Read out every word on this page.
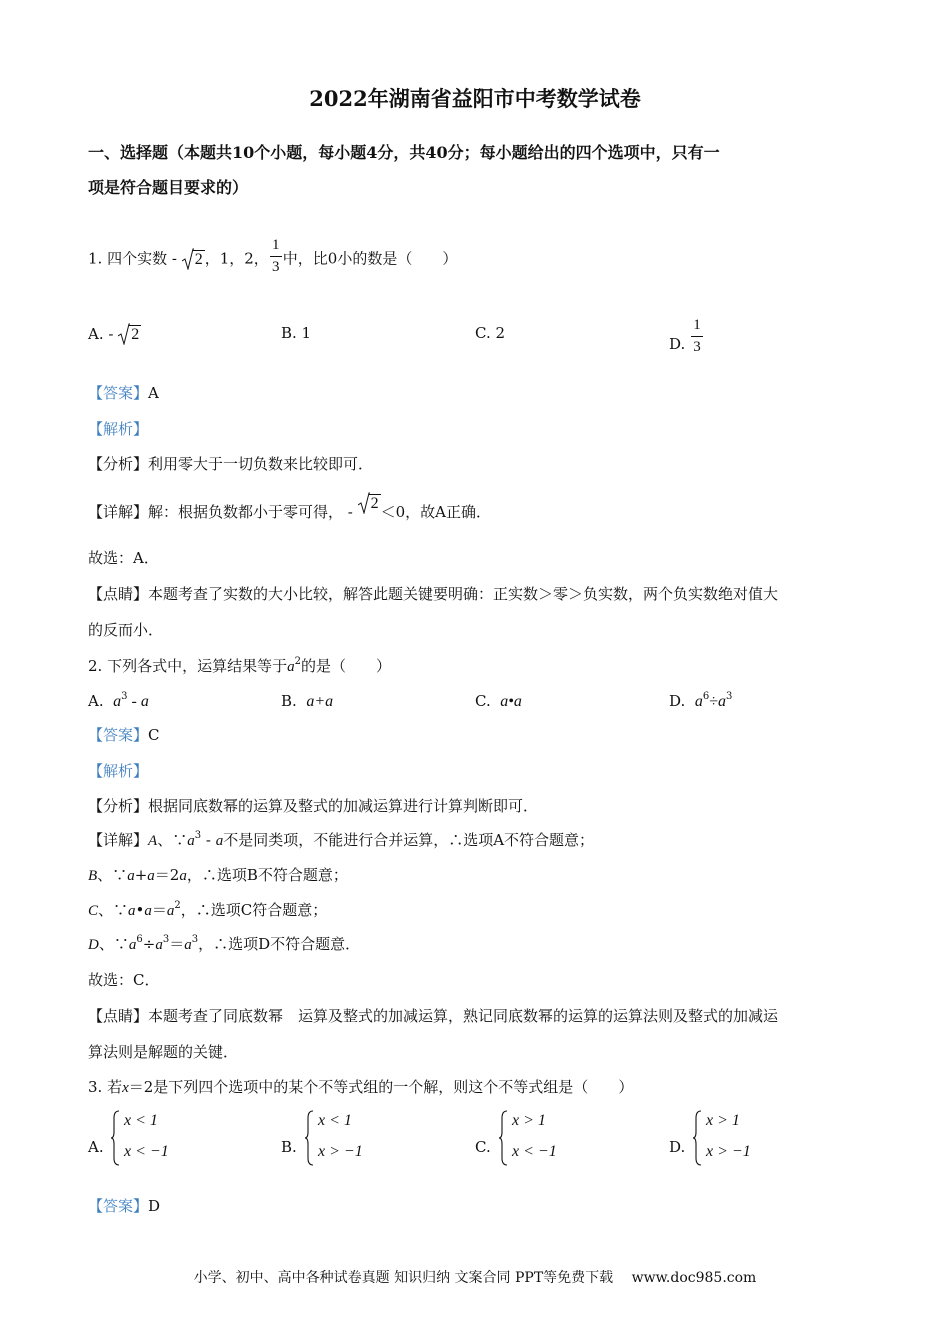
2022年湖南省益阳市中考数学试卷
一、选择题（本题共10个小题，每小题4分，共40分；每小题给出的四个选项中，只有一
项是符合题目要求的）
1. 四个实数 -
2 ，1，2， $\frac{1}{3}$ 中，比0小的数是（　　）
A. -
2	B. 1	C. 2
D. $\frac{1}{3}$
【答案】A
【解析】
【分析】利用零大于一切负数来比较即可．
【详解】解：根据负数都小于零可得， -
2 ＜0，故A正确．
故选：A．
【点睛】本题考查了实数的大小比较，解答此题关键要明确：正实数＞零＞负实数，两个负实数绝对值大
的反而小．
2. 下列各式中，运算结果等于$a^2$的是（　　）
A. $a^3$ - a	B. a+a	C. a•a	D. $a^6\div a^3$
【答案】C
【解析】
【分析】根据同底数幂的运算及整式的加减运算进行计算判断即可．
【详解】A、$\because a^3$ - a不是同类项，不能进行合并运算，∴选项A不符合题意；
B、∵a+a＝2a，∴选项B不符合题意；
C、$\because a•a=a^2$，∴选项C符合题意；
D、$\because a^6\div a^3=a^3$，∴选项D不符合题意．
故选：C．
【点睛】本题考查了同底数幂　运算及整式的加减运算，熟记同底数幂的运算的运算法则及整式的加减运
算法则是解题的关键．
3. 若x＝2是下列四个选项中的某个不等式组的一个解，则这个不等式组是（　　）
A.
x < 1
x < −1	B.
x < 1
x > −1	C.
x > 1
x < −1	D.
x > 1
x > −1
【答案】D
小学、初中、高中各种试卷真题 知识归纳 文案合同 PPT等免费下载　 www.doc985.com
